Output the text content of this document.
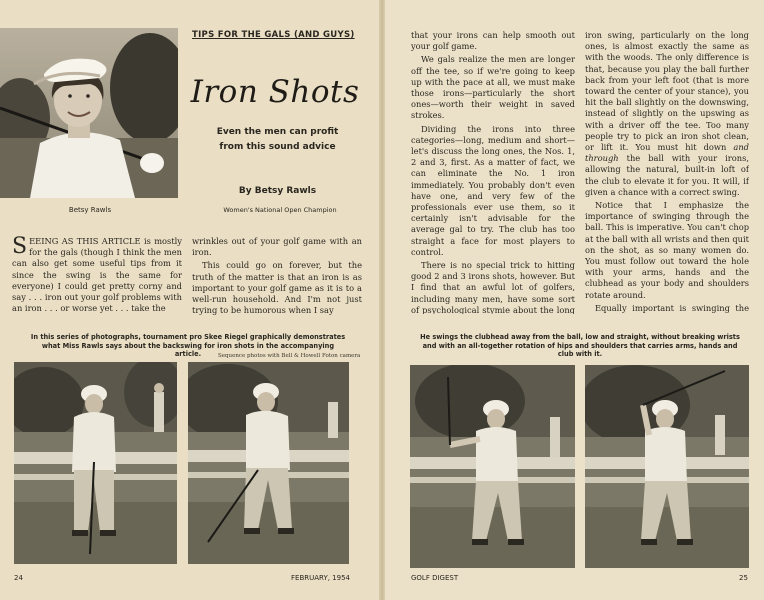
Betsy Rawls
TIPS FOR THE GALS (AND GUYS)
Iron Shots
Even the men can profit
from this sound advice
By Betsy Rawls
Women's National Open Champion

SEEING AS THIS ARTICLE is mostly for the gals (though I think the men can also get some useful tips from it since the swing is the same for everyone) I could get pretty corny and say . . . iron out your golf problems with an iron . . . or worse yet . . . take the

wrinkles out of your golf game with an iron.

This could go on forever, but the truth of the matter is that an iron is as important to your golf game as it is to a well-run household. And I'm not just trying to be humorous when I say

In this series of photographs, tournament pro Skee Riegel graphically demonstrates what Miss Rawls says about the backswing for iron shots in the accompanying article.	Sequence photos with Bell & Howell Foton camera
24	FEBRUARY, 1954

that your irons can help smooth out your golf game.

We gals realize the men are longer off the tee, so if we're going to keep up with the pace at all, we must make those irons—particularly the short ones—worth their weight in saved strokes.

Dividing the irons into three categories—long, medium and short—let's discuss the long ones, the Nos. 1, 2 and 3, first. As a matter of fact, we can eliminate the No. 1 iron immediately. You probably don't even have one, and very few of the professionals ever use them, so it certainly isn't advisable for the average gal to try. The club has too straight a face for most players to control.

There is no special trick to hitting good 2 and 3 irons shots, however. But I find that an awful lot of golfers, including many men, have some sort of psychological stymie about the long

iron swing, particularly on the long ones, is almost exactly the same as with the woods. The only difference is that, because you play the ball further back from your left foot (that is more toward the center of your stance), you hit the ball slightly on the downswing, instead of slightly on the upswing as with a driver off the tee. Too many people try to pick an iron shot clean, or lift it. You must hit down and through the ball with your irons, allowing the natural, built-in loft of the club to elevate it for you. It will, if given a chance with a correct swing.

Notice that I emphasize the importance of swinging through the ball. This is imperative. You can't chop at the ball with all wrists and then quit on the shot, as so many women do. You must follow out toward the hole with your arms, hands and the clubhead as your body and shoulders rotate around.

Equally important is swinging the

He swings the clubhead away from the ball, low and straight, without breaking wrists and with an all-together rotation of hips and shoulders that carries arms, hands and club with it.
GOLF DIGEST	25
